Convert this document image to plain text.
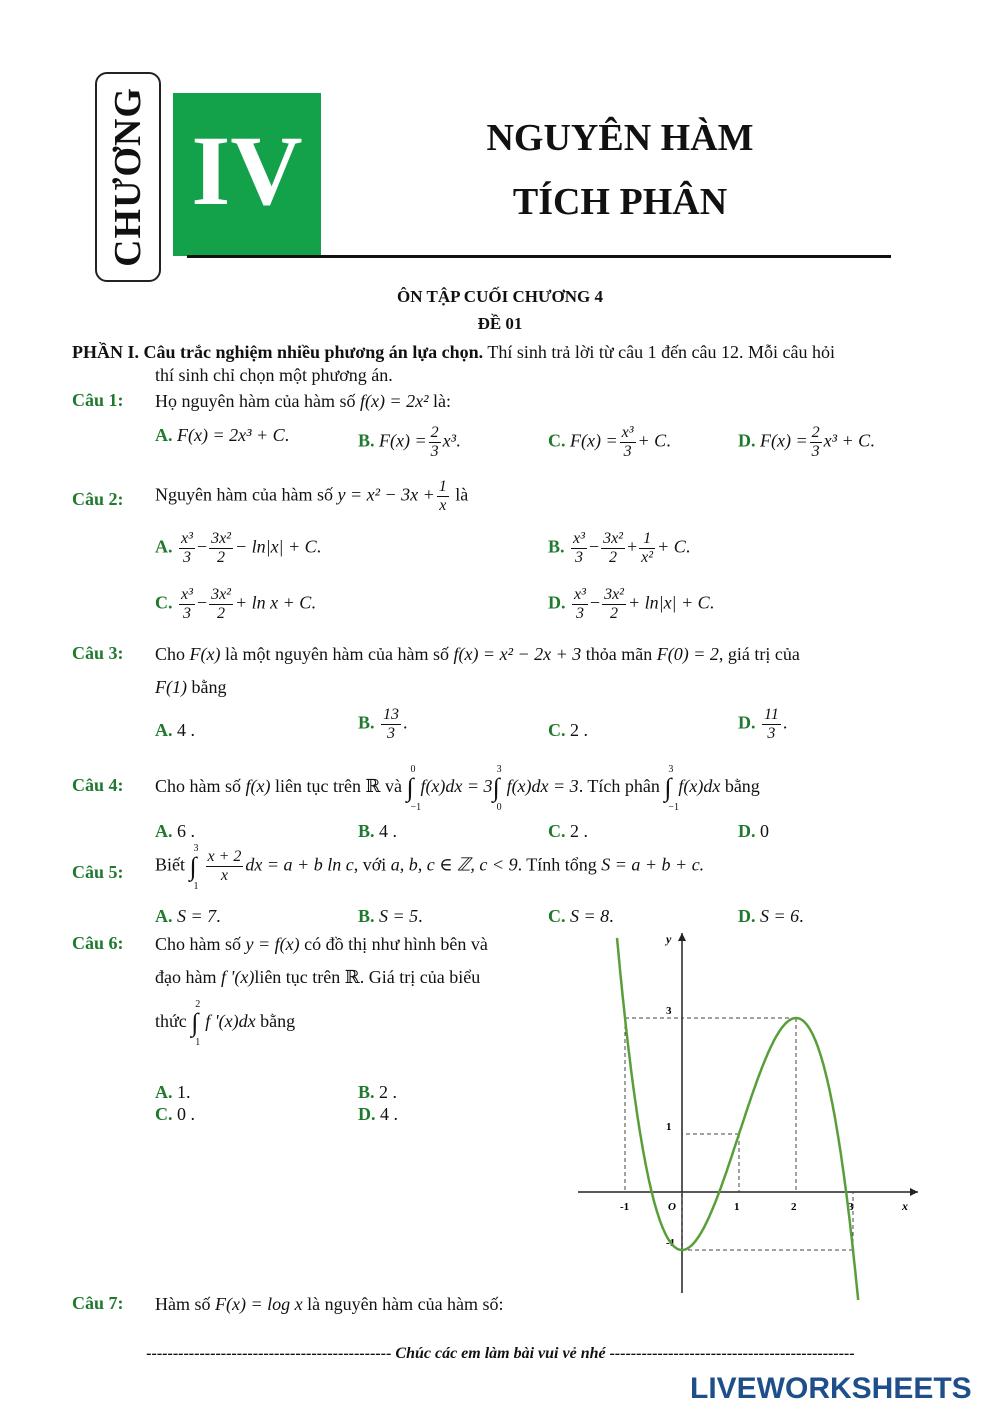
CHƯƠNG IV	NGUYÊN HÀM
TÍCH PHÂN
ÔN TẬP CUỐI CHƯƠNG 4
ĐỀ 01
PHẦN I. Câu trắc nghiệm nhiều phương án lựa chọn. Thí sinh trả lời từ câu 1 đến câu 12. Mỗi câu hỏi
thí sinh chỉ chọn một phương án.
Câu 1: Họ nguyên hàm của hàm số f(x) = 2x² là:
A. F(x) = 2x³ + C.	B. $F(x) = \frac{2}{3} x^3$.	C. $F(x) = \frac{\text{x³}}{3} + C$.	D. $F(x) = \frac{2}{3} x^3 + C$.
Câu 2: Nguyên hàm của hàm số $y = x^2 - 3x + \frac{1}{x}$ là
A. $\frac{\text{x³}}{3} - \frac{\text{3x²}}{2} - \ln|x| + C$.	B. $\frac{\text{x³}}{3} - \frac{\text{3x²}}{2} + \frac{1}{\text{x²}} + C$.
C. $\frac{\text{x³}}{3} - \frac{\text{3x²}}{2} + \ln x + C$.	D. $\frac{\text{x³}}{3} - \frac{\text{3x²}}{2} + \ln|x| + C$.
Câu 3: Cho F(x) là một nguyên hàm của hàm số f(x) = x² − 2x + 3 thỏa mãn F(0) = 2, giá trị của
F(1) bằng
A. 4 .	B. $\frac{13}{3}$ .	C. 2 .	D. $\frac{11}{3}$ .
Câu 4: Cho hàm số f(x) liên tục trên ℝ và ∫
0
−1
f(x)dx = 3∫
3
0
f(x)dx = 3. Tích phân ∫
3
−1
f(x)dx bằng
A. 6 .	B. 4 .	C. 2 .	D. 0
Câu 5: Biết ∫
3
1
$\frac{x + 2}{x}$ dx = a + b ln c, với a, b, c ∈ ℤ, c < 9. Tính tổng S = a + b + c.
A. S = 7.	B. S = 5.	C. S = 8.	D. S = 6.
Câu 6: Cho hàm số y = f(x) có đồ thị như hình bên và
đạo hàm f '(x)liên tục trên ℝ. Giá trị của biểu
thức ∫
2
1
f '(x)dx bằng
A. 1.	B. 2 .
C. 0 .	D. 4 .
x
y
-1	O	1	2	3
3
1
-1
Câu 7: Hàm số F(x) = log x là nguyên hàm của hàm số:
---------------------------------------------- Chúc các em làm bài vui vẻ nhé ----------------------------------------------
LIVEWORKSHEETS
